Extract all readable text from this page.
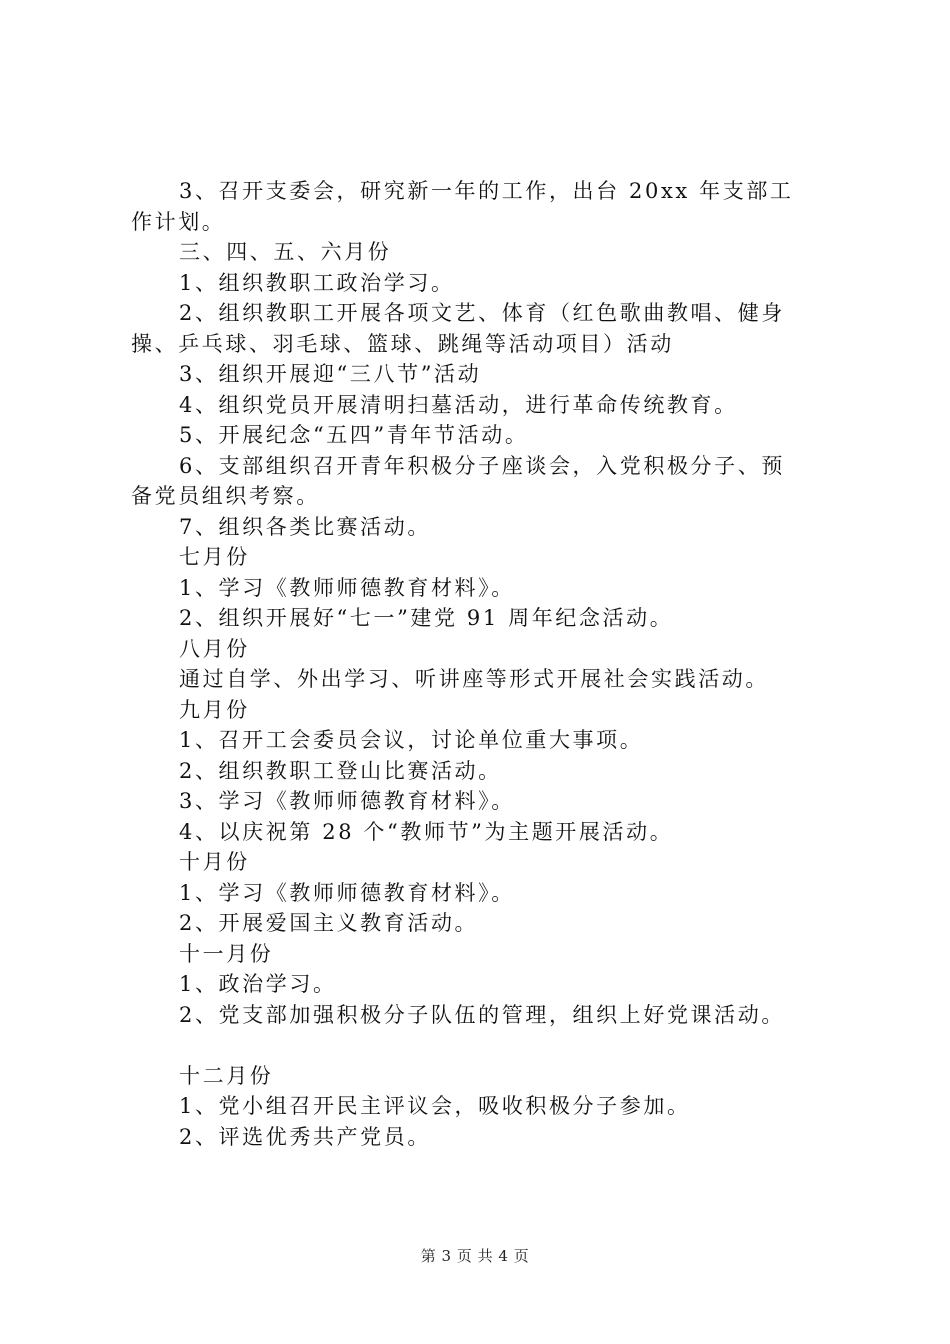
3、召开支委会，研究新一年的工作，出台 20xx 年支部工
作计划。
三、四、五、六月份
1、组织教职工政治学习。
2、组织教职工开展各项文艺、体育（红色歌曲教唱、健身
操、乒乓球、羽毛球、篮球、跳绳等活动项目）活动
3、组织开展迎“三八节”活动
4、组织党员开展清明扫墓活动，进行革命传统教育。
5、开展纪念“五四”青年节活动。
6、支部组织召开青年积极分子座谈会，入党积极分子、预
备党员组织考察。
7、组织各类比赛活动。
七月份
1、学习《教师师德教育材料》。
2、组织开展好“七一”建党 91 周年纪念活动。
八月份
通过自学、外出学习、听讲座等形式开展社会实践活动。
九月份
1、召开工会委员会议，讨论单位重大事项。
2、组织教职工登山比赛活动。
3、学习《教师师德教育材料》。
4、以庆祝第 28 个“教师节”为主题开展活动。
十月份
1、学习《教师师德教育材料》。
2、开展爱国主义教育活动。
十一月份
1、政治学习。
2、党支部加强积极分子队伍的管理，组织上好党课活动。
十二月份
1、党小组召开民主评议会，吸收积极分子参加。
2、评选优秀共产党员。
第 3 页 共 4 页
